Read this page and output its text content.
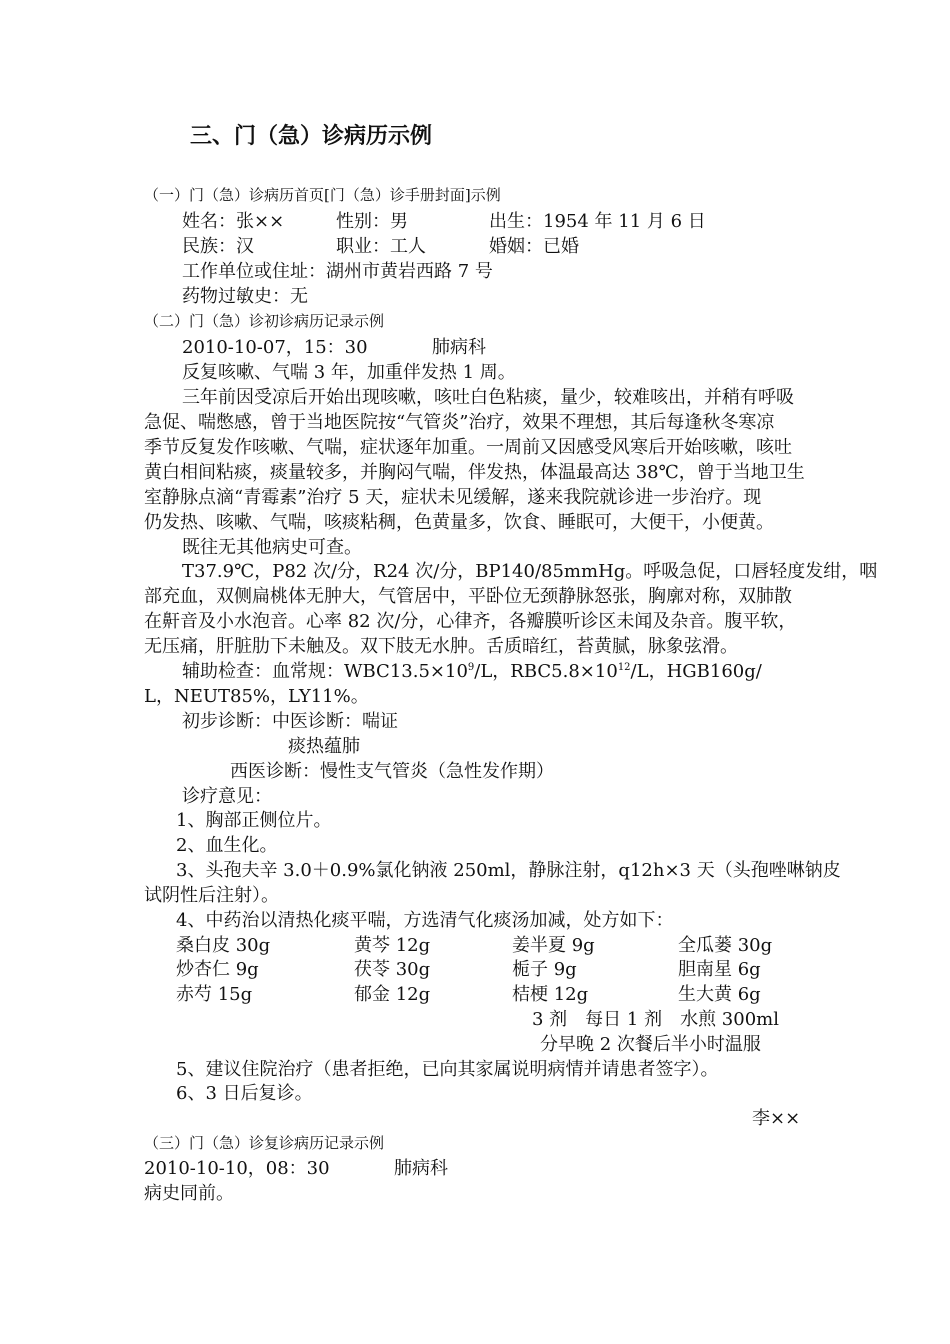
三、门（急）诊病历示例
（一）门（急）诊病历首页[门（急）诊手册封面]示例
姓名：张××	性别：男	出生：1954 年 11 月 6 日
民族：汉	职业：工人	婚姻：已婚
工作单位或住址：湖州市黄岩西路 7 号
药物过敏史：无
（二）门（急）诊初诊病历记录示例
2010-10-07，15：30	肺病科
反复咳嗽、气喘 3 年，加重伴发热 1 周。
三年前因受凉后开始出现咳嗽，咳吐白色粘痰，量少，较难咳出，并稍有呼吸
急促、喘憋感，曾于当地医院按“气管炎”治疗，效果不理想，其后每逢秋冬寒凉
季节反复发作咳嗽、气喘，症状逐年加重。一周前又因感受风寒后开始咳嗽，咳吐
黄白相间粘痰，痰量较多，并胸闷气喘，伴发热，体温最高达 38℃，曾于当地卫生
室静脉点滴“青霉素”治疗 5 天，症状未见缓解，遂来我院就诊进一步治疗。现
仍发热、咳嗽、气喘，咳痰粘稠，色黄量多，饮食、睡眠可，大便干，小便黄。
既往无其他病史可查。
T37.9℃，P82 次/分，R24 次/分，BP140/85mmHg。呼吸急促，口唇轻度发绀，咽
部充血，双侧扁桃体无肿大，气管居中，平卧位无颈静脉怒张，胸廓对称，双肺散
在鼾音及小水泡音。心率 82 次/分，心律齐，各瓣膜听诊区未闻及杂音。腹平软，
无压痛，肝脏肋下未触及。双下肢无水肿。舌质暗红，苔黄腻，脉象弦滑。
辅助检查：血常规：$WBC13.5\times 10^9/L$，$RBC5.8\times 10^{12}/L$，HGB160g/
L，NEUT85%，LY11%。
初步诊断：中医诊断：喘证
痰热蕴肺
西医诊断：慢性支气管炎（急性发作期）
诊疗意见：
1、胸部正侧位片。
2、血生化。
3、头孢夫辛 3.0＋0.9%氯化钠液 250ml，静脉注射，q12h×3 天（头孢唑啉钠皮
试阴性后注射）。
4、中药治以清热化痰平喘，方选清气化痰汤加减，处方如下：
桑白皮 30g	黄芩 12g	姜半夏 9g	全瓜蒌 30g
炒杏仁 9g	茯苓 30g	栀子 9g	胆南星 6g
赤芍 15g	郁金 12g	桔梗 12g	生大黄 6g
3 剂　每日 1 剂　水煎 300ml
分早晚 2 次餐后半小时温服
5、建议住院治疗（患者拒绝，已向其家属说明病情并请患者签字）。
6、3 日后复诊。
李××
（三）门（急）诊复诊病历记录示例
2010-10-10，08：30	肺病科
病史同前。
